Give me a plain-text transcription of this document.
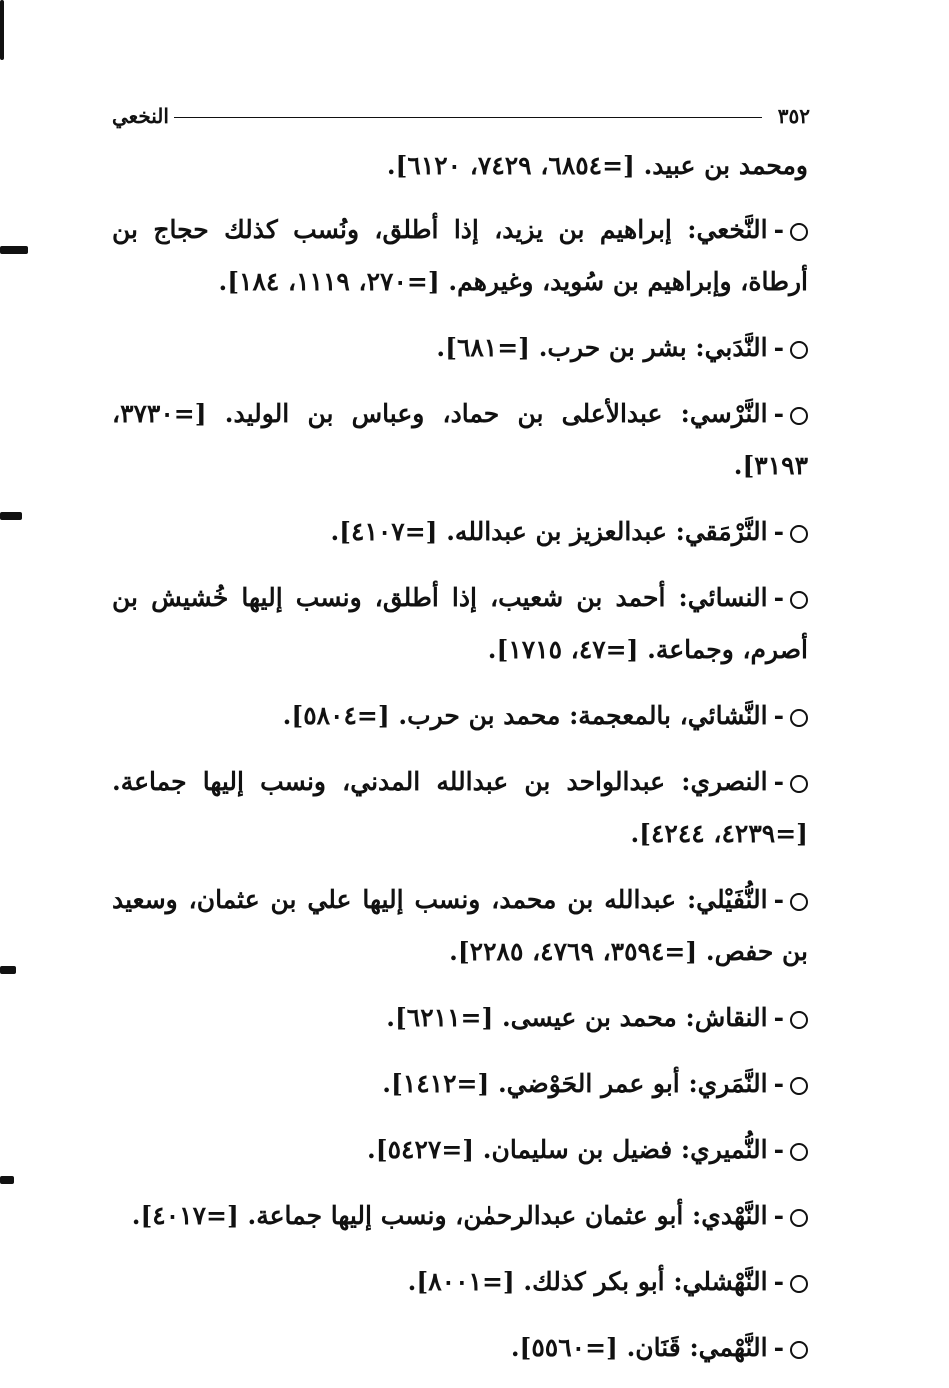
٣٥٢
النخعي

ومحمد بن عبيد. [=٦٨٥٤، ٧٤٢٩، ٦١٢٠].

-النَّخعي: إبراهيم بن يزيد، إذا أطلق، ونُسب كذلك حجاج بن أرطاة، وإبراهيم بن سُويد، وغيرهم. [=٢٧٠، ١١١٩، ١٨٤].

-النَّدَبي: بشر بن حرب. [=٦٨١].

-النَّرْسي: عبدالأعلى بن حماد، وعباس بن الوليد. [=٣٧٣٠، ٣١٩٣].

-النَّرْمَقي: عبدالعزيز بن عبدالله. [=٤١٠٧].

-النسائي: أحمد بن شعيب، إذا أطلق، ونسب إليها خُشيش بن أصرم، وجماعة. [=٤٧، ١٧١٥].

-النَّشائي، بالمعجمة: محمد بن حرب. [=٥٨٠٤].

-النصري: عبدالواحد بن عبدالله المدني، ونسب إليها جماعة. [=٤٢٣٩، ٤٢٤٤].

-النُّفَيْلي: عبدالله بن محمد، ونسب إليها علي بن عثمان، وسعيد بن حفص. [=٣٥٩٤، ٤٧٦٩، ٢٢٨٥].

-النقاش: محمد بن عيسى. [=٦٢١١].

-النَّمَري: أبو عمر الحَوْضي. [=١٤١٢].

-النُّميري: فضيل بن سليمان. [=٥٤٢٧].

-النَّهْدي: أبو عثمان عبدالرحمٰن، ونسب إليها جماعة. [=٤٠١٧].

-النَّهْشلي: أبو بكر كذلك. [=٨٠٠١].

-النَّهْمي: قَنَان. [=٥٥٦٠].
